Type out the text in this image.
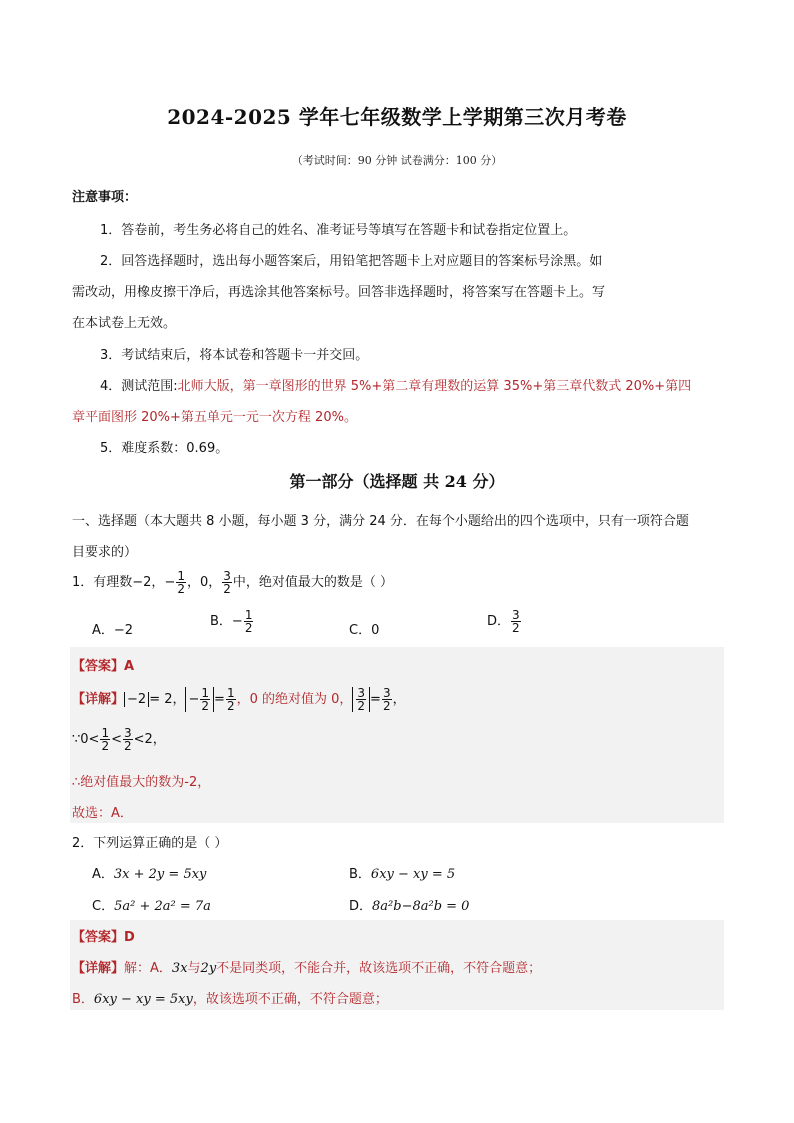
2024-2025 学年七年级数学上学期第三次月考卷
（考试时间：90 分钟 试卷满分：100 分）
注意事项：
1．答卷前，考生务必将自己的姓名、准考证号等填写在答题卡和试卷指定位置上。
2．回答选择题时，选出每小题答案后，用铅笔把答题卡上对应题目的答案标号涂黑。如
需改动，用橡皮擦干净后，再选涂其他答案标号。回答非选择题时，将答案写在答题卡上。写
在本试卷上无效。
3．考试结束后，将本试卷和答题卡一并交回。
4．测试范围:北师大版，第一章图形的世界 5%+第二章有理数的运算 35%+第三章代数式 20%+第四
章平面图形 20%+第五单元一元一次方程 20%。
5．难度系数：0.69。
第一部分（选择题 共 24 分）
一、选择题（本大题共 8 小题，每小题 3 分，满分 24 分．在每个小题给出的四个选项中，只有一项符合题
目要求的）
1．有理数−2，− $\frac{1}{2}$ ，0， $\frac{3}{2}$ 中，绝对值最大的数是（ ）
A．−2
B．− $\frac{1}{2}$	C．0
D． $\frac{3}{2}$
【答案】A
【详解】 −2 = 2， − $\frac{1}{2} = \frac{1}{2}$ ，0 的绝对值为 0， $\frac{3}{2} = \frac{3}{2}$ ，
∵0< $\frac{1}{2} < \frac{3}{2} <2$，
∴绝对值最大的数为-2，
故选：A．
2．下列运算正确的是（ ）
A．3x + 2y = 5xy	B．6xy − xy = 5
C．5a² + 2a² = 7a	D．8a²b−8a²b = 0
【答案】D
【详解】解：A．3x与2y不是同类项，不能合并，故该选项不正确，不符合题意；
B．6xy − xy = 5xy，故该选项不正确，不符合题意；
